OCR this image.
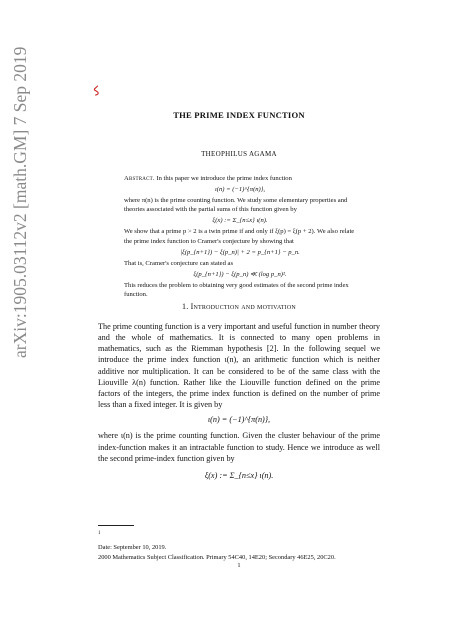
arXiv:1905.03112v2 [math.GM] 7 Sep 2019	ﮐ
THE PRIME INDEX FUNCTION
THEOPHILUS AGAMA

Abstract. In this paper we introduce the prime index function

ι(n) = (−1)^{π(n)},

where π(n) is the prime counting function. We study some elementary properties and theories associated with the partial sums of this function given by

ξ(x) := Σ_{n≤x} ι(n).

We show that a prime p > 2 is a twin prime if and only if ξ(p) = ξ(p + 2). We also relate the prime index function to Cramer's conjecture by showing that

|ξ(p_{n+1}) − ξ(p_n)| + 2 = p_{n+1} − p_n.

That is, Cramer's conjecture can stated as

ξ(p_{n+1}) − ξ(p_n) ≪ (log p_n)².

This reduces the problem to obtaining very good estimates of the second prime index function.

1. Introduction and motivation

The prime counting function is a very important and useful function in number theory and the whole of mathematics. It is connected to many open problems in mathematics, such as the Riemman hypothesis [2]. In the following sequel we introduce the prime index function ι(n), an arithmetic function which is neither additive nor multiplication. It can be considered to be of the same class with the Liouville λ(n) function. Rather like the Liouville function defined on the prime factors of the integers, the prime index function is defined on the number of prime less than a fixed integer. It is given by

ι(n) = (−1)^{π(n)},

where ι(n) is the prime counting function. Given the cluster behaviour of the prime index-function makes it an intractable function to study. Hence we introduce as well the second prime-index function given by

ξ(x) := Σ_{n≤x} ι(n).

1

Date: September 10, 2019.

2000 Mathematics Subject Classification. Primary 54C40, 14E20; Secondary 46E25, 20C20.

1
